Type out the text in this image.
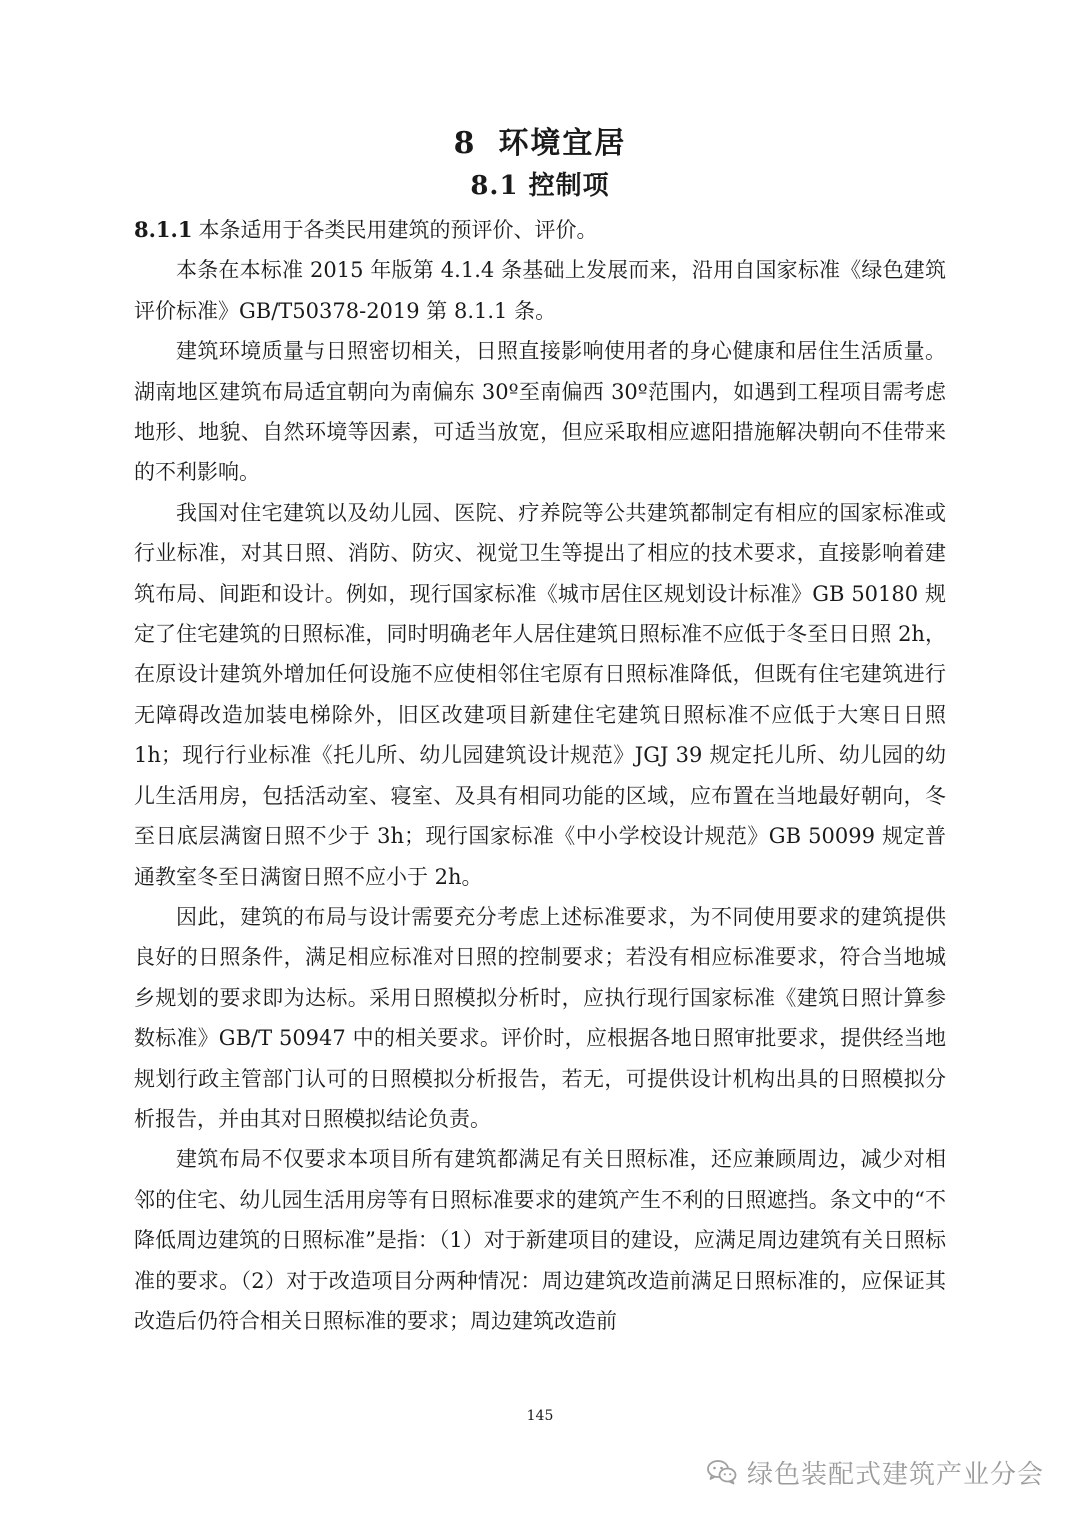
8 环境宜居
8.1 控制项

8.1.1 本条适用于各类民用建筑的预评价、评价。

本条在本标准 2015 年版第 4.1.4 条基础上发展而来，沿用自国家标准《绿色建筑评价标准》GB/T50378-2019 第 8.1.1 条。

建筑环境质量与日照密切相关，日照直接影响使用者的身心健康和居住生活质量。湖南地区建筑布局适宜朝向为南偏东 30º至南偏西 30º范围内，如遇到工程项目需考虑地形、地貌、自然环境等因素，可适当放宽，但应采取相应遮阳措施解决朝向不佳带来的不利影响。

我国对住宅建筑以及幼儿园、医院、疗养院等公共建筑都制定有相应的国家标准或行业标准，对其日照、消防、防灾、视觉卫生等提出了相应的技术要求，直接影响着建筑布局、间距和设计。例如，现行国家标准《城市居住区规划设计标准》GB 50180 规定了住宅建筑的日照标准，同时明确老年人居住建筑日照标准不应低于冬至日日照 2h，在原设计建筑外增加任何设施不应使相邻住宅原有日照标准降低，但既有住宅建筑进行无障碍改造加装电梯除外，旧区改建项目新建住宅建筑日照标准不应低于大寒日日照 1h；现行行业标准《托儿所、幼儿园建筑设计规范》JGJ 39 规定托儿所、幼儿园的幼儿生活用房，包括活动室、寝室、及具有相同功能的区域，应布置在当地最好朝向，冬至日底层满窗日照不少于 3h；现行国家标准《中小学校设计规范》GB 50099 规定普通教室冬至日满窗日照不应小于 2h。

因此，建筑的布局与设计需要充分考虑上述标准要求，为不同使用要求的建筑提供良好的日照条件，满足相应标准对日照的控制要求；若没有相应标准要求，符合当地城乡规划的要求即为达标。采用日照模拟分析时，应执行现行国家标准《建筑日照计算参数标准》GB/T 50947 中的相关要求。评价时，应根据各地日照审批要求，提供经当地规划行政主管部门认可的日照模拟分析报告，若无，可提供设计机构出具的日照模拟分析报告，并由其对日照模拟结论负责。

建筑布局不仅要求本项目所有建筑都满足有关日照标准，还应兼顾周边，减少对相邻的住宅、幼儿园生活用房等有日照标准要求的建筑产生不利的日照遮挡。条文中的“不降低周边建筑的日照标准”是指：（1）对于新建项目的建设，应满足周边建筑有关日照标准的要求。（2）对于改造项目分两种情况：周边建筑改造前满足日照标准的，应保证其改造后仍符合相关日照标准的要求；周边建筑改造前

145
绿色装配式建筑产业分会
